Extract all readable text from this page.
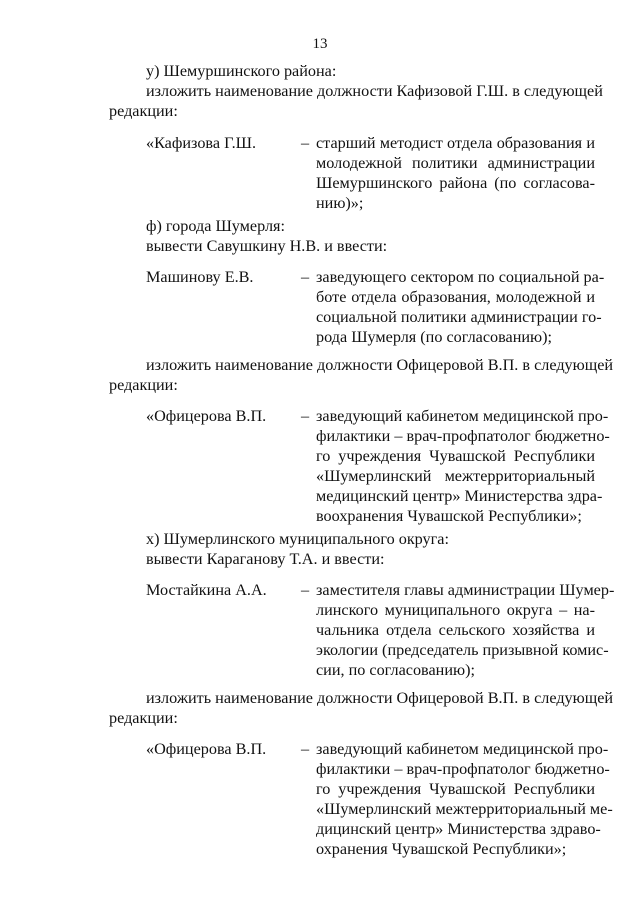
13
у) Шемуршинского района:
изложить наименование должности Кафизовой Г.Ш. в следующей
редакции:
«Кафизова Г.Ш.	– старший методист отдела образования и
молодежной политики администрации
Шемуршинского района (по согласова-
нию)»;
ф) города Шумерля:
вывести Савушкину Н.В. и ввести:
Машинову Е.В.	– заведующего сектором по социальной ра-
боте отдела образования, молодежной и
социальной политики администрации го-
рода Шумерля (по согласованию);
изложить наименование должности Офицеровой В.П. в следующей
редакции:
«Офицерова В.П. – заведующий кабинетом медицинской про-
филактики – врач-профпатолог бюджетно-
го учреждения Чувашской Республики
«Шумерлинский межтерриториальный
медицинский центр» Министерства здра-
воохранения Чувашской Республики»;
х) Шумерлинского муниципального округа:
вывести Караганову Т.А. и ввести:
Мостайкина А.А. – заместителя главы администрации Шумер-
линского муниципального округа – на-
чальника отдела сельского хозяйства и
экологии (председатель призывной комис-
сии, по согласованию);
изложить наименование должности Офицеровой В.П. в следующей
редакции:
«Офицерова В.П. – заведующий кабинетом медицинской про-
филактики – врач-профпатолог бюджетно-
го учреждения Чувашской Республики
«Шумерлинский межтерриториальный ме-
дицинский центр» Министерства здраво-
охранения Чувашской Республики»;
